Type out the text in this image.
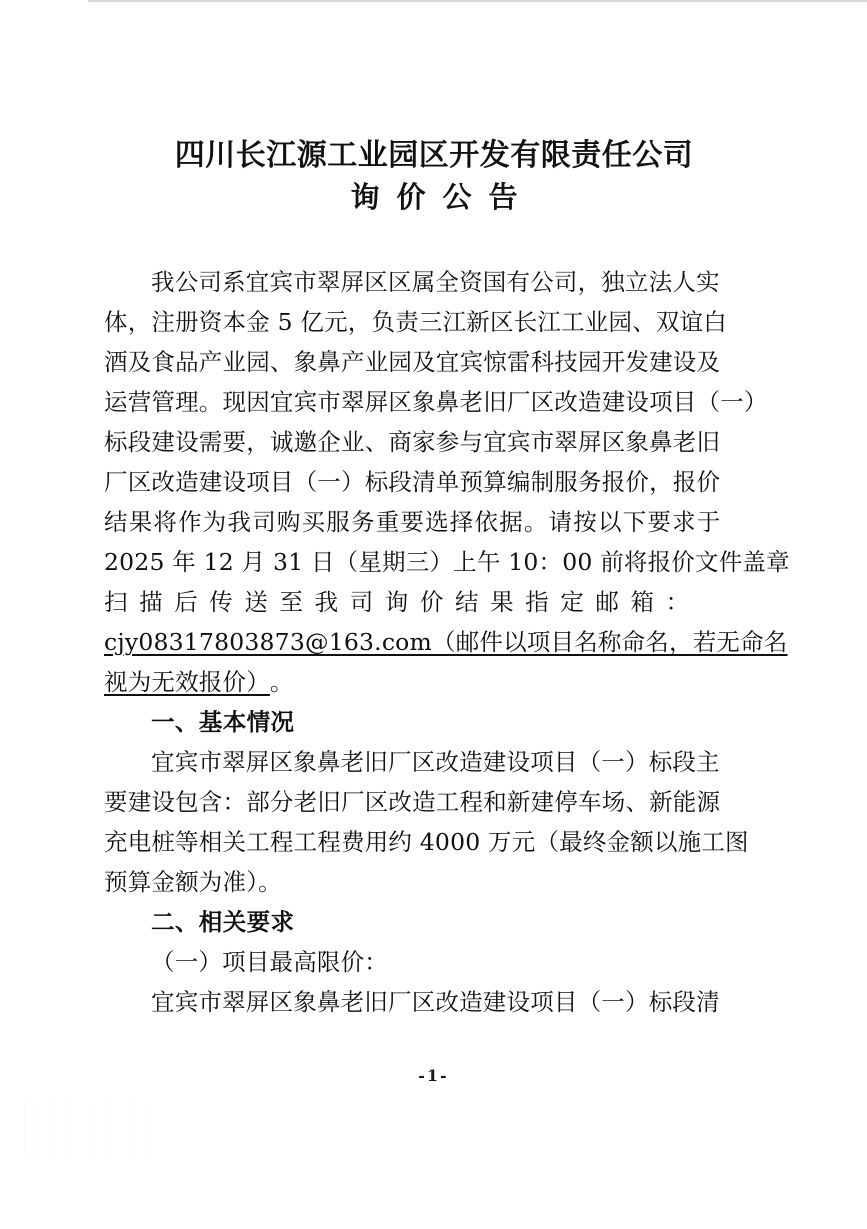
四川长江源工业园区开发有限责任公司
询价公告
我公司系宜宾市翠屏区区属全资国有公司，独立法人实
体，注册资本金 5 亿元，负责三江新区长江工业园、双谊白
酒及食品产业园、象鼻产业园及宜宾惊雷科技园开发建设及
运营管理。现因宜宾市翠屏区象鼻老旧厂区改造建设项目（一）
标段建设需要，诚邀企业、商家参与宜宾市翠屏区象鼻老旧
厂区改造建设项目（一）标段清单预算编制服务报价，报价
结果将作为我司购买服务重要选择依据。请按以下要求于
2025 年 12 月 31 日（星期三）上午 10：00 前将报价文件盖章
扫描后传送至我司询价结果指定邮箱：
cjy08317803873@163.com（邮件以项目名称命名，若无命名
视为无效报价）。
一、基本情况
宜宾市翠屏区象鼻老旧厂区改造建设项目（一）标段主
要建设包含：部分老旧厂区改造工程和新建停车场、新能源
充电桩等相关工程工程费用约 4000 万元（最终金额以施工图
预算金额为准）。
二、相关要求
（一）项目最高限价：
宜宾市翠屏区象鼻老旧厂区改造建设项目（一）标段清
-1-
